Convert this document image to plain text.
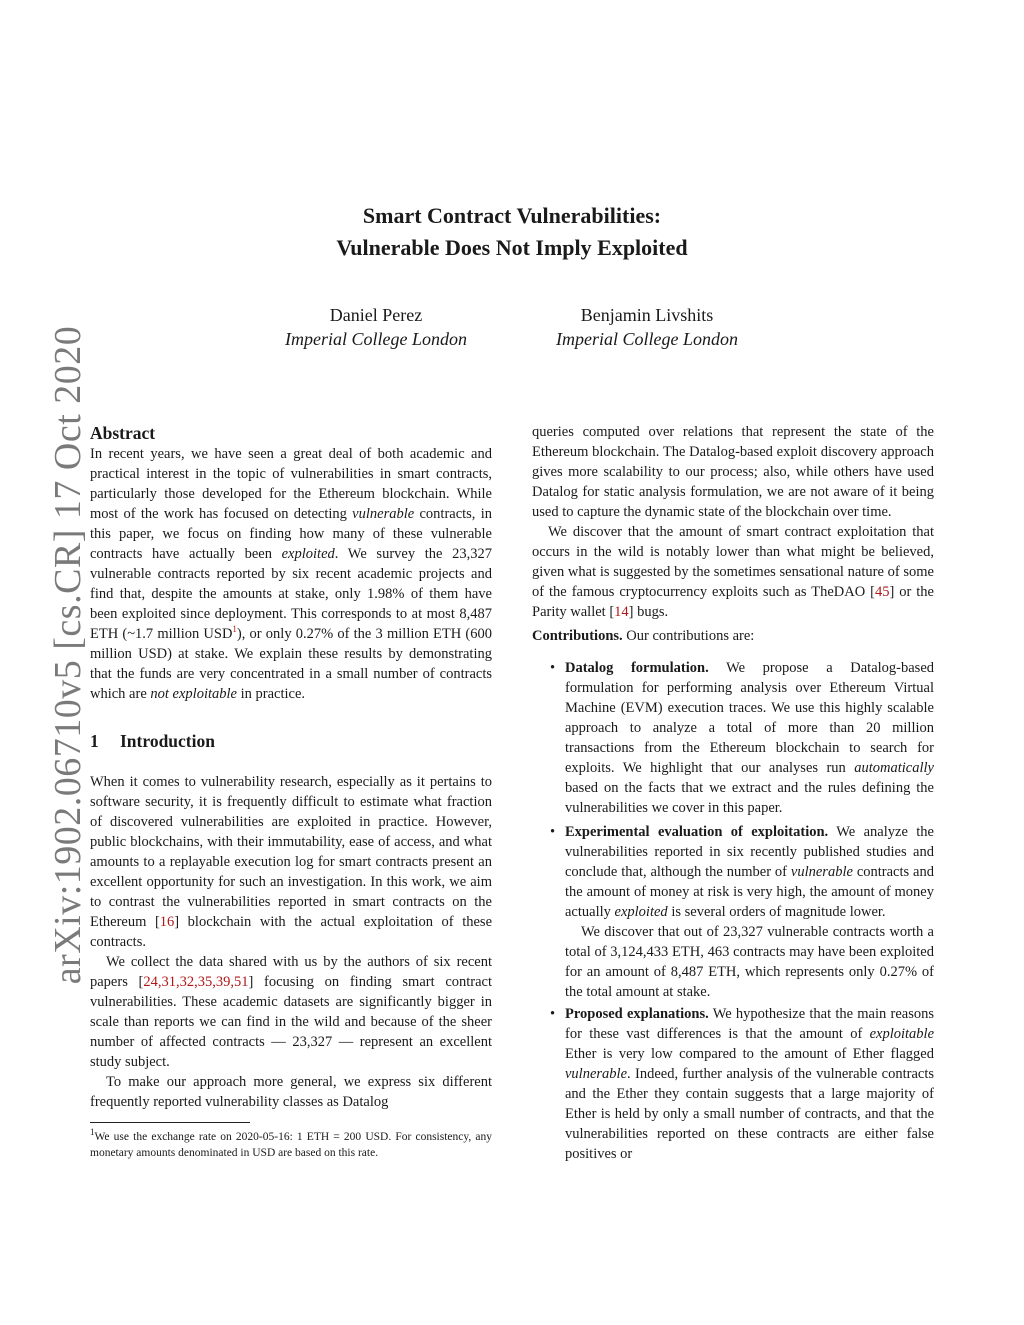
arXiv:1902.06710v5 [cs.CR] 17 Oct 2020
Smart Contract Vulnerabilities:
Vulnerable Does Not Imply Exploited
Daniel Perez
Imperial College London
Benjamin Livshits
Imperial College London

Abstract

In recent years, we have seen a great deal of both academic and practical interest in the topic of vulnerabilities in smart contracts, particularly those developed for the Ethereum blockchain. While most of the work has focused on detecting vulnerable contracts, in this paper, we focus on finding how many of these vulnerable contracts have actually been exploited. We survey the 23,327 vulnerable contracts reported by six recent academic projects and find that, despite the amounts at stake, only 1.98% of them have been exploited since deployment. This corresponds to at most 8,487 ETH (~1.7 million USD$^1$), or only 0.27% of the 3 million ETH (600 million USD) at stake. We explain these results by demonstrating that the funds are very concentrated in a small number of contracts which are not exploitable in practice.

1 Introduction

When it comes to vulnerability research, especially as it pertains to software security, it is frequently difficult to estimate what fraction of discovered vulnerabilities are exploited in practice. However, public blockchains, with their immutability, ease of access, and what amounts to a replayable execution log for smart contracts present an excellent opportunity for such an investigation. In this work, we aim to contrast the vulnerabilities reported in smart contracts on the Ethereum [16] blockchain with the actual exploitation of these contracts.

We collect the data shared with us by the authors of six recent papers [24,31,32,35,39,51] focusing on finding smart contract vulnerabilities. These academic datasets are significantly bigger in scale than reports we can find in the wild and because of the sheer number of affected contracts — 23,327 — represent an excellent study subject.

To make our approach more general, we express six different frequently reported vulnerability classes as Datalog

$^1$We use the exchange rate on 2020-05-16: 1 ETH = 200 USD. For consistency, any monetary amounts denominated in USD are based on this rate.

queries computed over relations that represent the state of the Ethereum blockchain. The Datalog-based exploit discovery approach gives more scalability to our process; also, while others have used Datalog for static analysis formulation, we are not aware of it being used to capture the dynamic state of the blockchain over time.

We discover that the amount of smart contract exploitation that occurs in the wild is notably lower than what might be believed, given what is suggested by the sometimes sensational nature of some of the famous cryptocurrency exploits such as TheDAO [45] or the Parity wallet [14] bugs.

Contributions. Our contributions are:

• Datalog formulation. We propose a Datalog-based formulation for performing analysis over Ethereum Virtual Machine (EVM) execution traces. We use this highly scalable approach to analyze a total of more than 20 million transactions from the Ethereum blockchain to search for exploits. We highlight that our analyses run automatically based on the facts that we extract and the rules defining the vulnerabilities we cover in this paper.

• Experimental evaluation of exploitation. We analyze the vulnerabilities reported in six recently published studies and conclude that, although the number of vulnerable contracts and the amount of money at risk is very high, the amount of money actually exploited is several orders of magnitude lower.

We discover that out of 23,327 vulnerable contracts worth a total of 3,124,433 ETH, 463 contracts may have been exploited for an amount of 8,487 ETH, which represents only 0.27% of the total amount at stake.

• Proposed explanations. We hypothesize that the main reasons for these vast differences is that the amount of exploitable Ether is very low compared to the amount of Ether flagged vulnerable. Indeed, further analysis of the vulnerable contracts and the Ether they contain suggests that a large majority of Ether is held by only a small number of contracts, and that the vulnerabilities reported on these contracts are either false positives or
